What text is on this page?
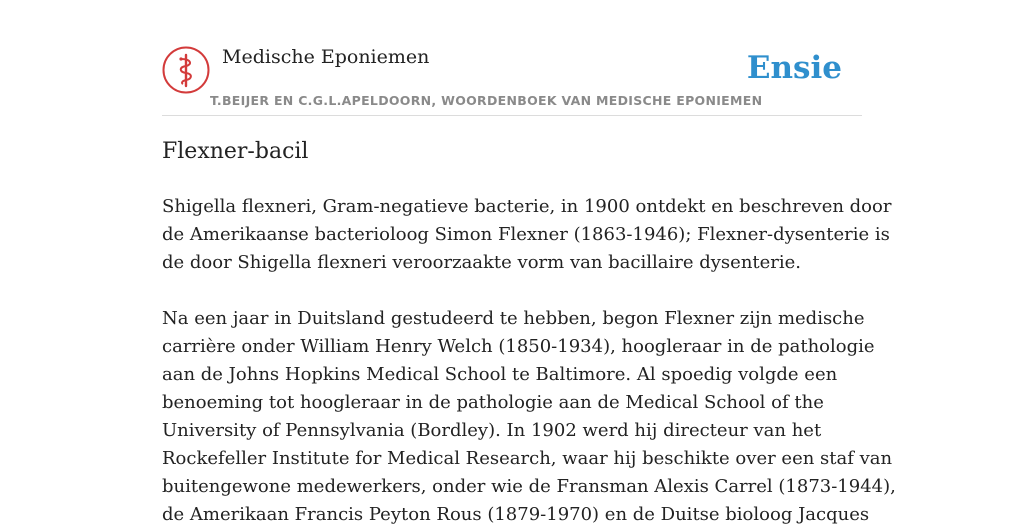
Medische Eponiemen
T.BEIJER EN C.G.L.APELDOORN, WOORDENBOEK VAN MEDISCHE EPONIEMEN
Ensie
Flexner-bacil
Shigella flexneri, Gram-negatieve bacterie, in 1900 ontdekt en beschreven door
de Amerikaanse bacterioloog Simon Flexner (1863-1946); Flexner-dysenterie is
de door Shigella flexneri veroorzaakte vorm van bacillaire dysenterie.
Na een jaar in Duitsland gestudeerd te hebben, begon Flexner zijn medische
carrière onder William Henry Welch (1850-1934), hoogleraar in de pathologie
aan de Johns Hopkins Medical School te Baltimore. Al spoedig volgde een
benoeming tot hoogleraar in de pathologie aan de Medical School of the
University of Pennsylvania (Bordley). In 1902 werd hij directeur van het
Rockefeller Institute for Medical Research, waar hij beschikte over een staf van
buitengewone medewerkers, onder wie de Fransman Alexis Carrel (1873-1944),
de Amerikaan Francis Peyton Rous (1879-1970) en de Duitse bioloog Jacques
